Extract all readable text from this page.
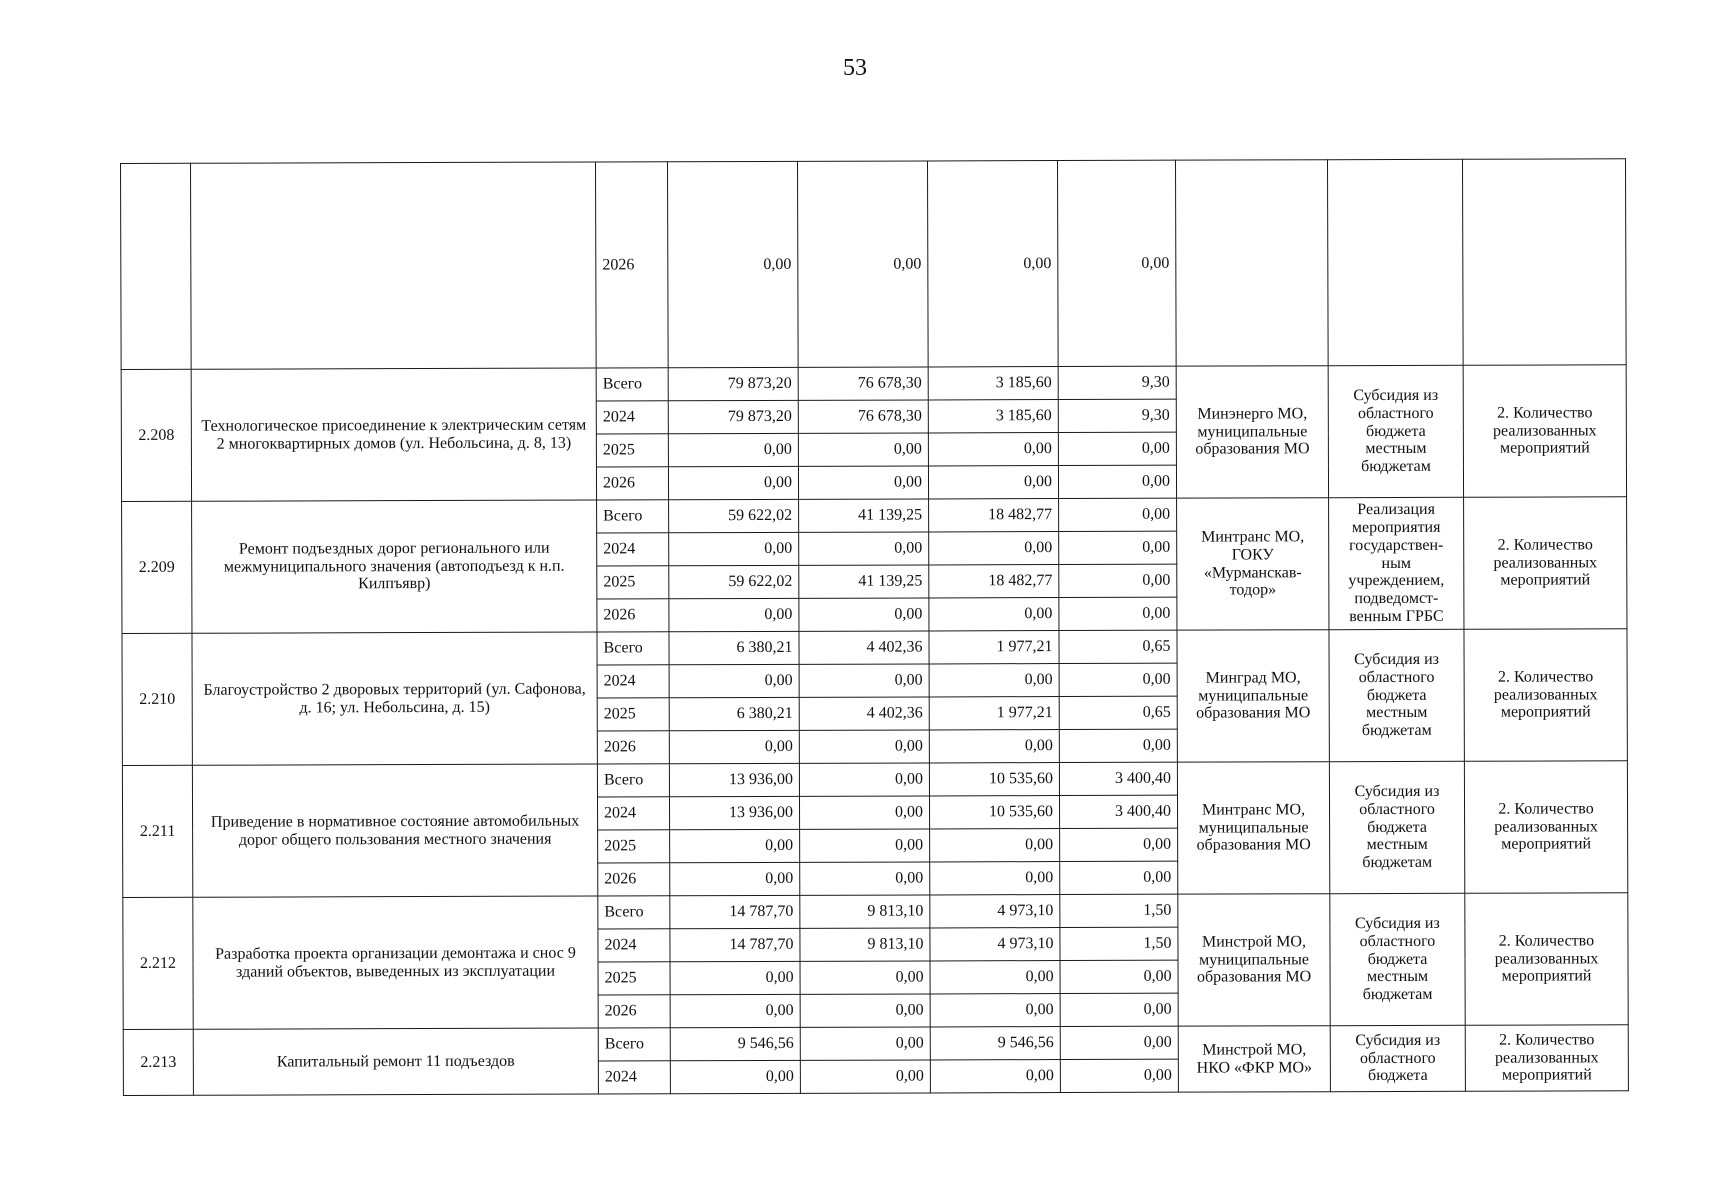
53
		2026	0,00	0,00	0,00	0,00			
2.208	Технологическое присоединение к электрическим сетям 2 многоквартирных домов (ул. Небольсина, д. 8, 13)	Всего	79 873,20	76 678,30	3 185,60	9,30	Минэнерго МО, муниципальные образования МО	Субсидия из областного бюджета местным бюджетам	2. Количество реализованных мероприятий
		2024	79 873,20	76 678,30	3 185,60	9,30			
		2025	0,00	0,00	0,00	0,00			
		2026	0,00	0,00	0,00	0,00			
2.209	Ремонт подъездных дорог регионального или межмуниципального значения (автоподъезд к н.п. Килпъявр)	Всего	59 622,02	41 139,25	18 482,77	0,00	Минтранс МО, ГОКУ «Мурманскав-тодор»	Реализация мероприятия государствен-ным учреждением, подведомст-венным ГРБС	2. Количество реализованных мероприятий
		2024	0,00	0,00	0,00	0,00			
		2025	59 622,02	41 139,25	18 482,77	0,00			
		2026	0,00	0,00	0,00	0,00			
2.210	Благоустройство 2 дворовых территорий (ул. Сафонова, д. 16; ул. Небольсина, д. 15)	Всего	6 380,21	4 402,36	1 977,21	0,65	Минград МО, муниципальные образования МО	Субсидия из областного бюджета местным бюджетам	2. Количество реализованных мероприятий
		2024	0,00	0,00	0,00	0,00			
		2025	6 380,21	4 402,36	1 977,21	0,65			
		2026	0,00	0,00	0,00	0,00			
2.211	Приведение в нормативное состояние автомобильных дорог общего пользования местного значения	Всего	13 936,00	0,00	10 535,60	3 400,40	Минтранс МО, муниципальные образования МО	Субсидия из областного бюджета местным бюджетам	2. Количество реализованных мероприятий
		2024	13 936,00	0,00	10 535,60	3 400,40			
		2025	0,00	0,00	0,00	0,00			
		2026	0,00	0,00	0,00	0,00			
2.212	Разработка проекта организации демонтажа и снос 9 зданий объектов, выведенных из эксплуатации	Всего	14 787,70	9 813,10	4 973,10	1,50	Минстрой МО, муниципальные образования МО	Субсидия из областного бюджета местным бюджетам	2. Количество реализованных мероприятий
		2024	14 787,70	9 813,10	4 973,10	1,50			
		2025	0,00	0,00	0,00	0,00			
		2026	0,00	0,00	0,00	0,00			
2.213	Капитальный ремонт 11 подъездов	Всего	9 546,56	0,00	9 546,56	0,00	Минстрой МО, НКО «ФКР МО»	Субсидия из областного бюджета	2. Количество реализованных мероприятий
		2024	0,00	0,00	0,00	0,00			
